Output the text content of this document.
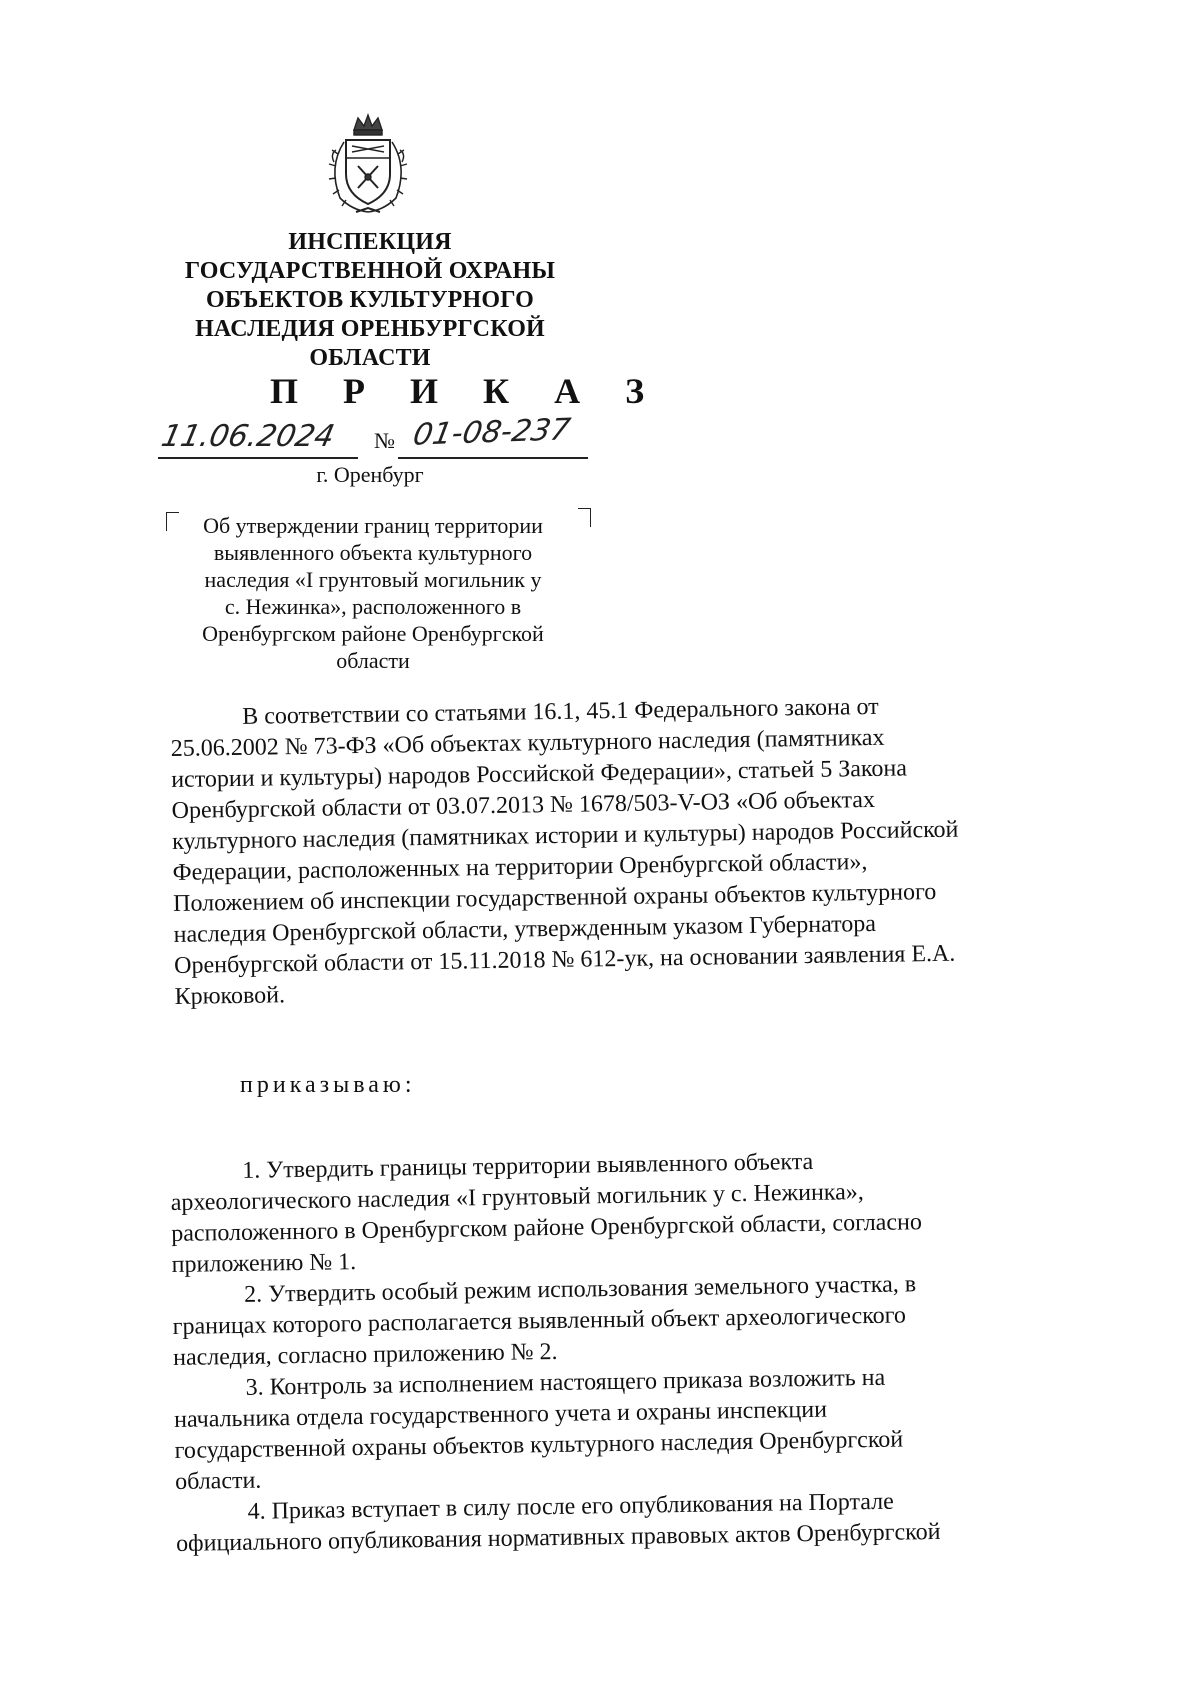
ИНСПЕКЦИЯ
ГОСУДАРСТВЕННОЙ ОХРАНЫ
ОБЪЕКТОВ КУЛЬТУРНОГО
НАСЛЕДИЯ ОРЕНБУРГСКОЙ
ОБЛАСТИ
П Р И К А З
11.06.2024 № 01-08-237
г. Оренбург
Об утверждении границ территории
выявленного объекта культурного
наследия «I грунтовый могильник у
с. Нежинка», расположенного в
Оренбургском районе Оренбургской
области
В соответствии со статьями 16.1, 45.1 Федерального закона от
25.06.2002 № 73-ФЗ «Об объектах культурного наследия (памятниках
истории и культуры) народов Российской Федерации», статьей 5 Закона
Оренбургской области от 03.07.2013 № 1678/503-V-ОЗ «Об объектах
культурного наследия (памятниках истории и культуры) народов Российской
Федерации, расположенных на территории Оренбургской области»,
Положением об инспекции государственной охраны объектов культурного
наследия Оренбургской области, утвержденным указом Губернатора
Оренбургской области от 15.11.2018 № 612-ук, на основании заявления Е.А.
Крюковой.
приказываю:
1. Утвердить границы территории выявленного объекта
археологического наследия «I грунтовый могильник у с. Нежинка»,
расположенного в Оренбургском районе Оренбургской области, согласно
приложению № 1.
2. Утвердить особый режим использования земельного участка, в
границах которого располагается выявленный объект археологического
наследия, согласно приложению № 2.
3. Контроль за исполнением настоящего приказа возложить на
начальника отдела государственного учета и охраны инспекции
государственной охраны объектов культурного наследия Оренбургской
области.
4. Приказ вступает в силу после его опубликования на Портале
официального опубликования нормативных правовых актов Оренбургской
